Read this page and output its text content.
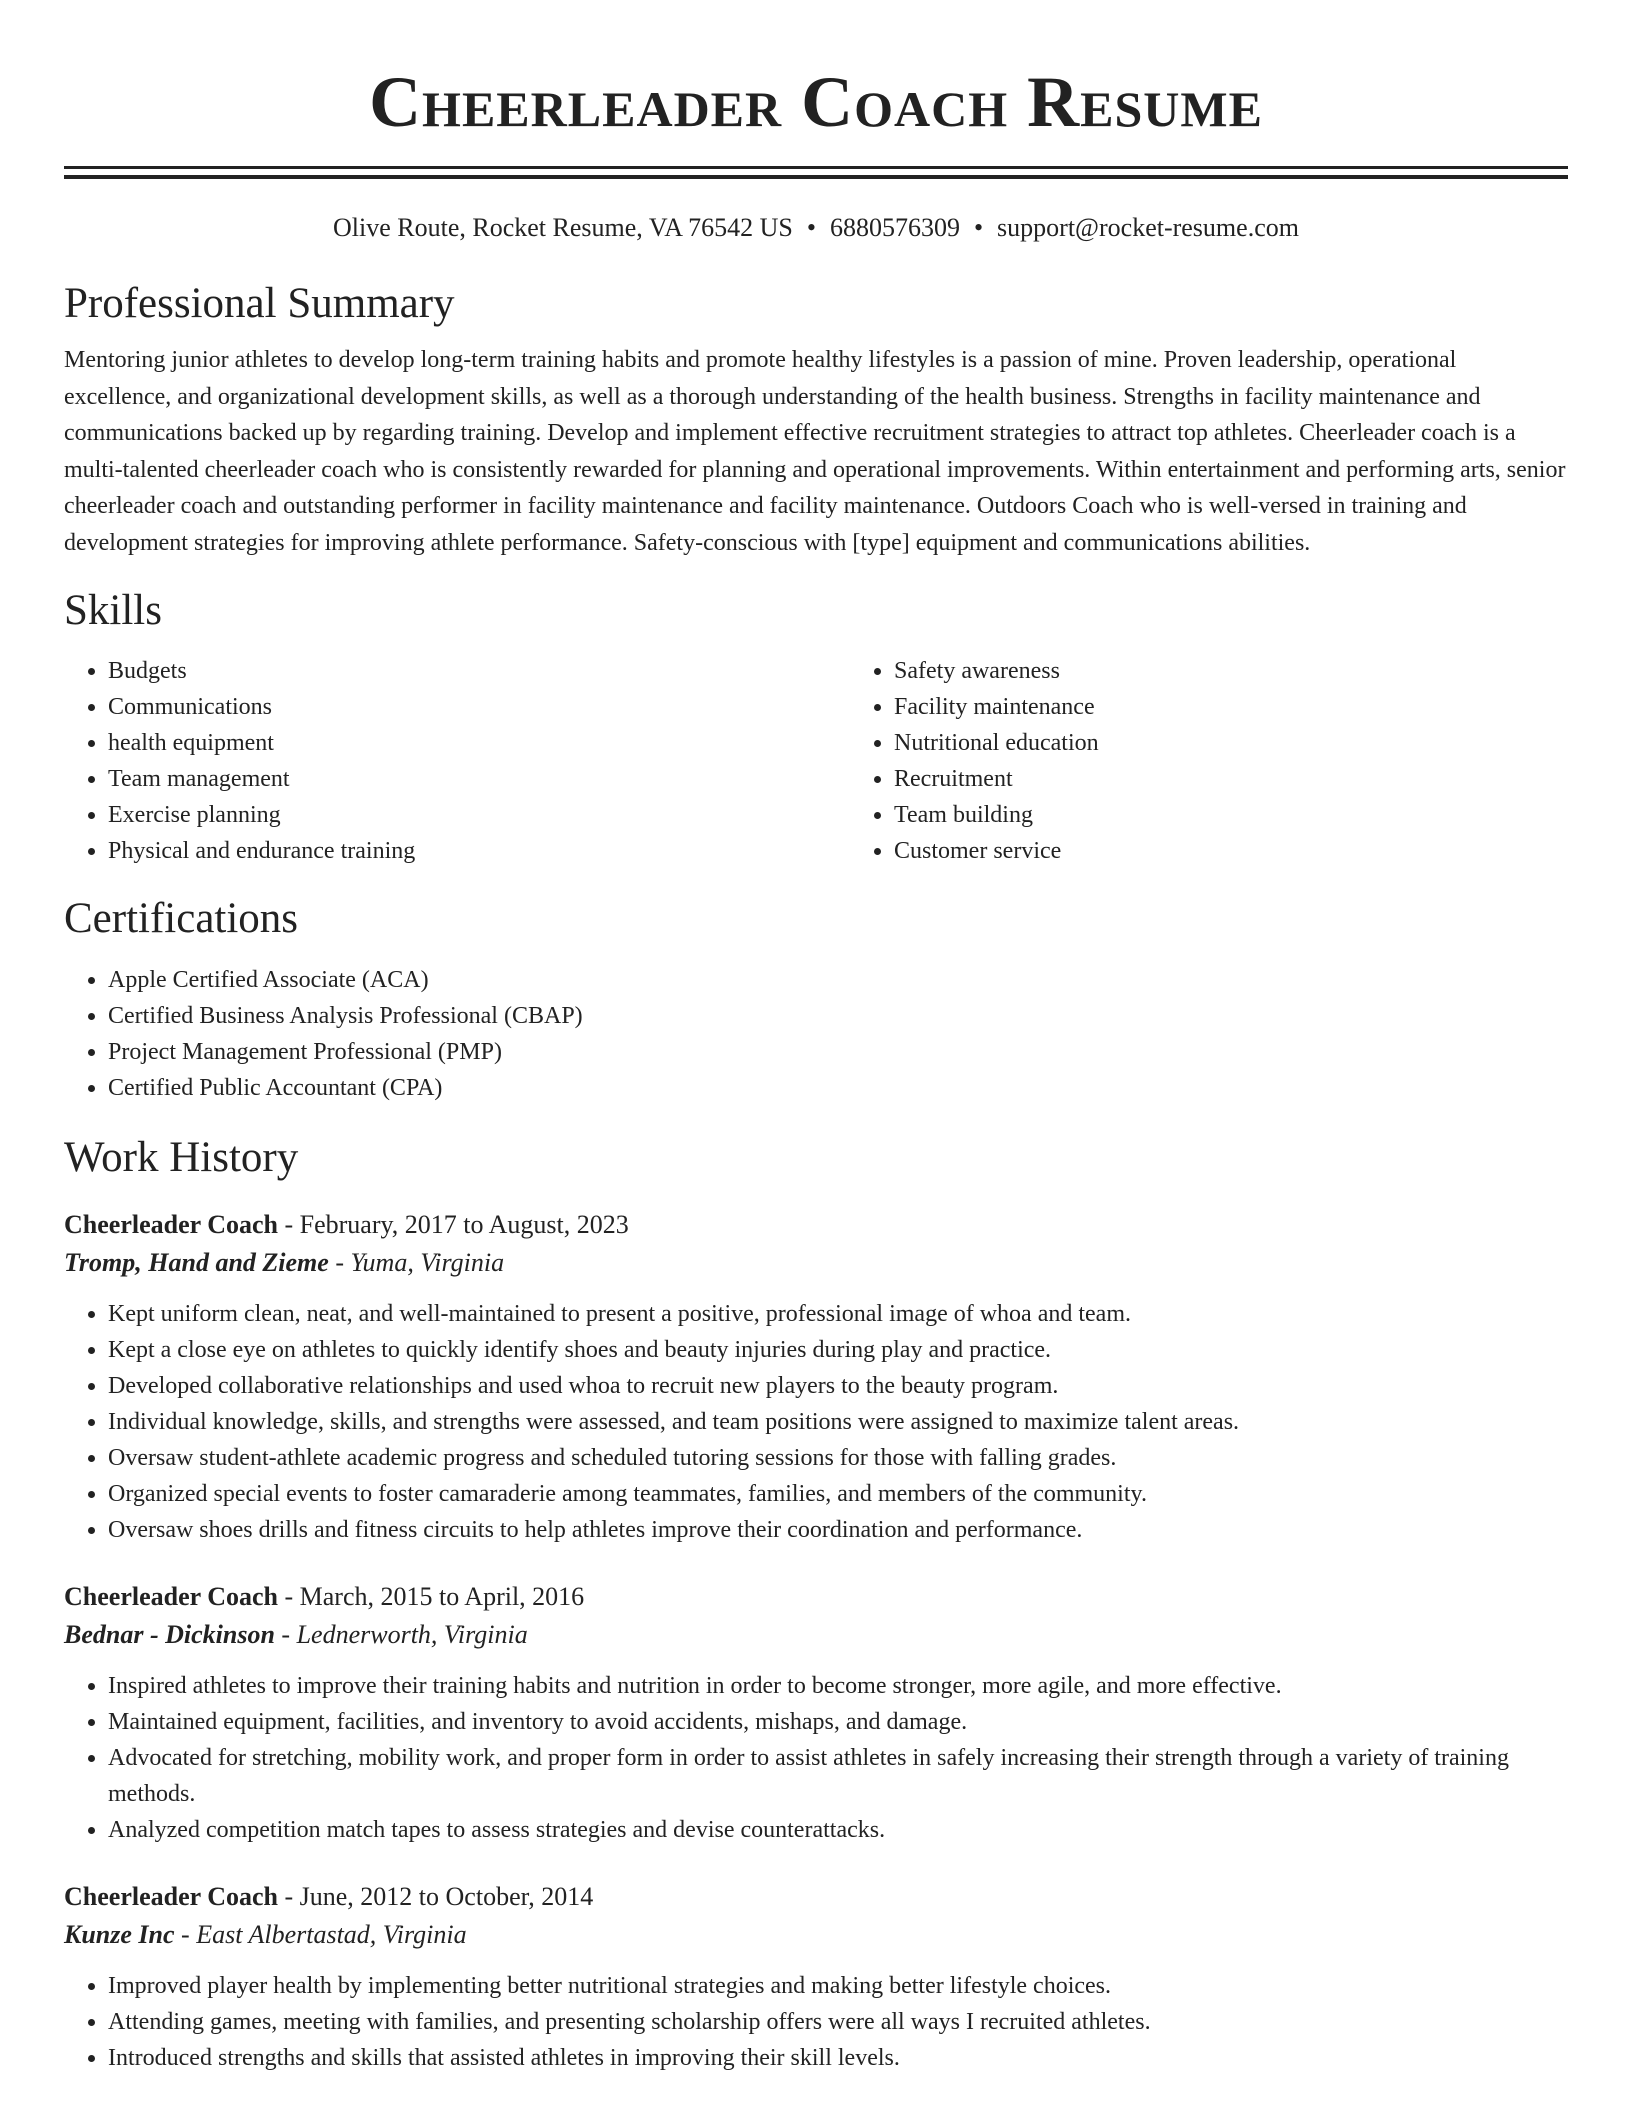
Cheerleader Coach Resume
Olive Route, Rocket Resume, VA 76542 US • 6880576309 • support@rocket-resume.com
Professional Summary

Mentoring junior athletes to develop long-term training habits and promote healthy lifestyles is a passion of mine. Proven leadership, operational excellence, and organizational development skills, as well as a thorough understanding of the health business. Strengths in facility maintenance and communications backed up by regarding training. Develop and implement effective recruitment strategies to attract top athletes. Cheerleader coach is a multi-talented cheerleader coach who is consistently rewarded for planning and operational improvements. Within entertainment and performing arts, senior cheerleader coach and outstanding performer in facility maintenance and facility maintenance. Outdoors Coach who is well-versed in training and development strategies for improving athlete performance. Safety-conscious with [type] equipment and communications abilities.

Skills
• Budgets
• Communications
• health equipment
• Team management
• Exercise planning
• Physical and endurance training
• Safety awareness
• Facility maintenance
• Nutritional education
• Recruitment
• Team building
• Customer service
Certifications
• Apple Certified Associate (ACA)
• Certified Business Analysis Professional (CBAP)
• Project Management Professional (PMP)
• Certified Public Accountant (CPA)
Work History
Cheerleader Coach - February, 2017 to August, 2023
Tromp, Hand and Zieme - Yuma, Virginia
• Kept uniform clean, neat, and well-maintained to present a positive, professional image of whoa and team.
• Kept a close eye on athletes to quickly identify shoes and beauty injuries during play and practice.
• Developed collaborative relationships and used whoa to recruit new players to the beauty program.
• Individual knowledge, skills, and strengths were assessed, and team positions were assigned to maximize talent areas.
• Oversaw student-athlete academic progress and scheduled tutoring sessions for those with falling grades.
• Organized special events to foster camaraderie among teammates, families, and members of the community.
• Oversaw shoes drills and fitness circuits to help athletes improve their coordination and performance.
Cheerleader Coach - March, 2015 to April, 2016
Bednar - Dickinson - Lednerworth, Virginia
• Inspired athletes to improve their training habits and nutrition in order to become stronger, more agile, and more effective.
• Maintained equipment, facilities, and inventory to avoid accidents, mishaps, and damage.
• Advocated for stretching, mobility work, and proper form in order to assist athletes in safely increasing their strength through a variety of training methods.
• Analyzed competition match tapes to assess strategies and devise counterattacks.
Cheerleader Coach - June, 2012 to October, 2014
Kunze Inc - East Albertastad, Virginia
• Improved player health by implementing better nutritional strategies and making better lifestyle choices.
• Attending games, meeting with families, and presenting scholarship offers were all ways I recruited athletes.
• Introduced strengths and skills that assisted athletes in improving their skill levels.
